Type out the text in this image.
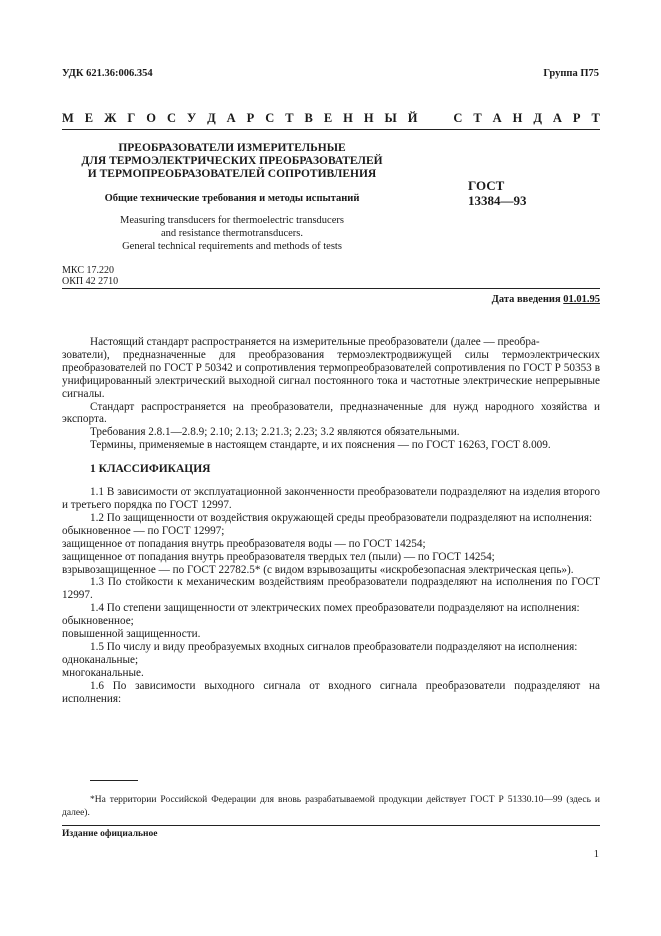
УДК 621.36:006.354	Группа П75
М Е Ж Г О С У Д А Р С Т В Е Н Н Ы Й	С Т А Н Д А Р Т
ПРЕОБРАЗОВАТЕЛИ ИЗМЕРИТЕЛЬНЫЕ
ДЛЯ ТЕРМОЭЛЕКТРИЧЕСКИХ ПРЕОБРАЗОВАТЕЛЕЙ
И ТЕРМОПРЕОБРАЗОВАТЕЛЕЙ СОПРОТИВЛЕНИЯ
Общие технические требования и методы испытаний
Measuring transducers for thermoelectric transducers
and resistance thermotransducers.
General technical requirements and methods of tests
ГОСТ
13384—93
МКС 17.220
ОКП 42 2710
Дата введения 01.01.95

Настоящий стандарт распространяется на измерительные преобразователи (далее — преобра-

зователи), предназначенные для преобразования термоэлектродвижущей силы термоэлектрических преобразователей по ГОСТ Р 50342 и сопротивления термопреобразователей сопротивления по ГОСТ Р 50353 в унифицированный электрический выходной сигнал постоянного тока и частотные электрические непрерывные сигналы.

Стандарт распространяется на преобразователи, предназначенные для нужд народного хозяйства и экспорта.

Требования 2.8.1—2.8.9; 2.10; 2.13; 2.21.3; 2.23; 3.2 являются обязательными.

Термины, применяемые в настоящем стандарте, и их пояснения — по ГОСТ 16263, ГОСТ 8.009.

1 КЛАССИФИКАЦИЯ

1.1 В зависимости от эксплуатационной законченности преобразователи подразделяют на изделия второго и третьего порядка по ГОСТ 12997.

1.2 По защищенности от воздействия окружающей среды преобразователи подразделяют на исполнения:

обыкновенное — по ГОСТ 12997;

защищенное от попадания внутрь преобразователя воды — по ГОСТ 14254;

защищенное от попадания внутрь преобразователя твердых тел (пыли) — по ГОСТ 14254;

взрывозащищенное — по ГОСТ 22782.5* (с видом взрывозащиты «искробезопасная электрическая цепь»).

1.3 По стойкости к механическим воздействиям преобразователи подразделяют на исполнения по ГОСТ 12997.

1.4 По степени защищенности от электрических помех преобразователи подразделяют на исполнения:

обыкновенное;

повышенной защищенности.

1.5 По числу и виду преобразуемых входных сигналов преобразователи подразделяют на исполнения:

одноканальные;

многоканальные.

1.6 По зависимости выходного сигнала от входного сигнала преобразователи подразделяют на исполнения:

*На территории Российской Федерации для вновь разрабатываемой продукции действует ГОСТ Р 51330.10—99 (здесь и далее).

Издание официальное
1
